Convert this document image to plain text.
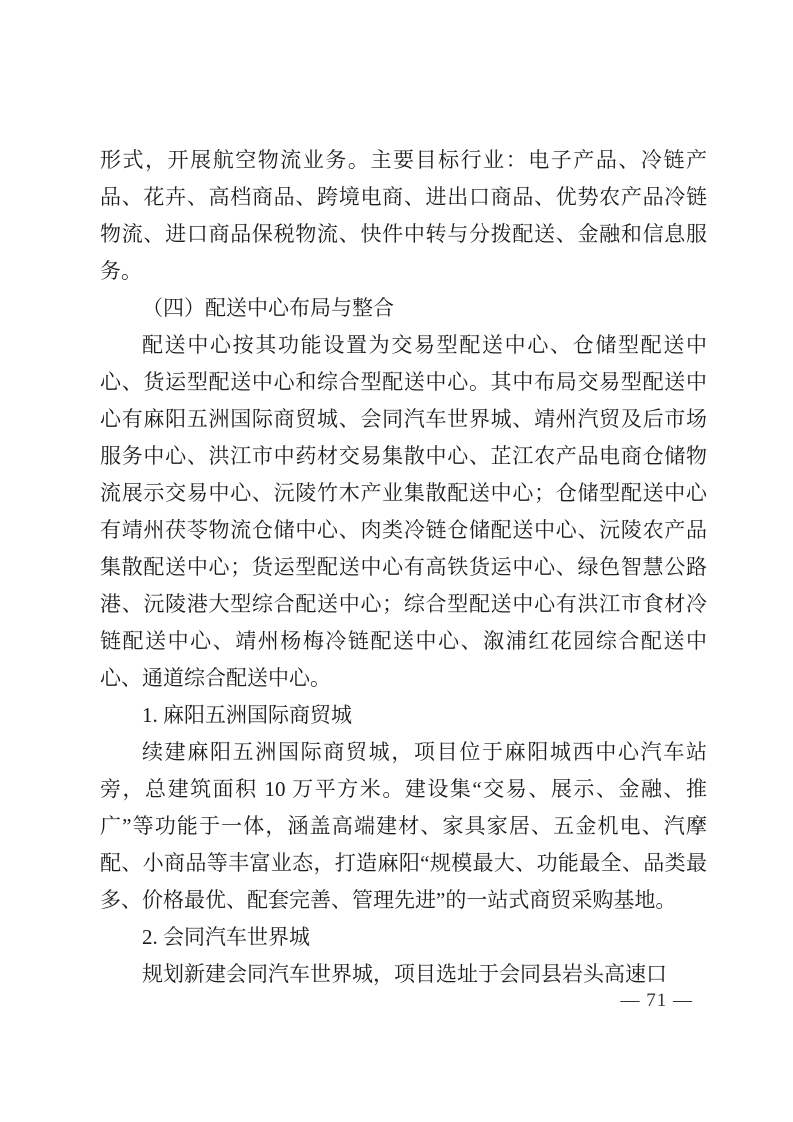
形式，开展航空物流业务。主要目标行业：电子产品、冷链产品、花卉、高档商品、跨境电商、进出口商品、优势农产品冷链物流、进口商品保税物流、快件中转与分拨配送、金融和信息服务。

（四）配送中心布局与整合

配送中心按其功能设置为交易型配送中心、仓储型配送中心、货运型配送中心和综合型配送中心。其中布局交易型配送中心有麻阳五洲国际商贸城、会同汽车世界城、靖州汽贸及后市场服务中心、洪江市中药材交易集散中心、芷江农产品电商仓储物流展示交易中心、沅陵竹木产业集散配送中心；仓储型配送中心有靖州茯苓物流仓储中心、肉类冷链仓储配送中心、沅陵农产品集散配送中心；货运型配送中心有高铁货运中心、绿色智慧公路港、沅陵港大型综合配送中心；综合型配送中心有洪江市食材冷链配送中心、靖州杨梅冷链配送中心、溆浦红花园综合配送中心、通道综合配送中心。

1. 麻阳五洲国际商贸城

续建麻阳五洲国际商贸城，项目位于麻阳城西中心汽车站旁，总建筑面积 10 万平方米。建设集“交易、展示、金融、推广”等功能于一体，涵盖高端建材、家具家居、五金机电、汽摩配、小商品等丰富业态，打造麻阳“规模最大、功能最全、品类最多、价格最优、配套完善、管理先进”的一站式商贸采购基地。

2. 会同汽车世界城

规划新建会同汽车世界城，项目选址于会同县岩头高速口

— 71 —
